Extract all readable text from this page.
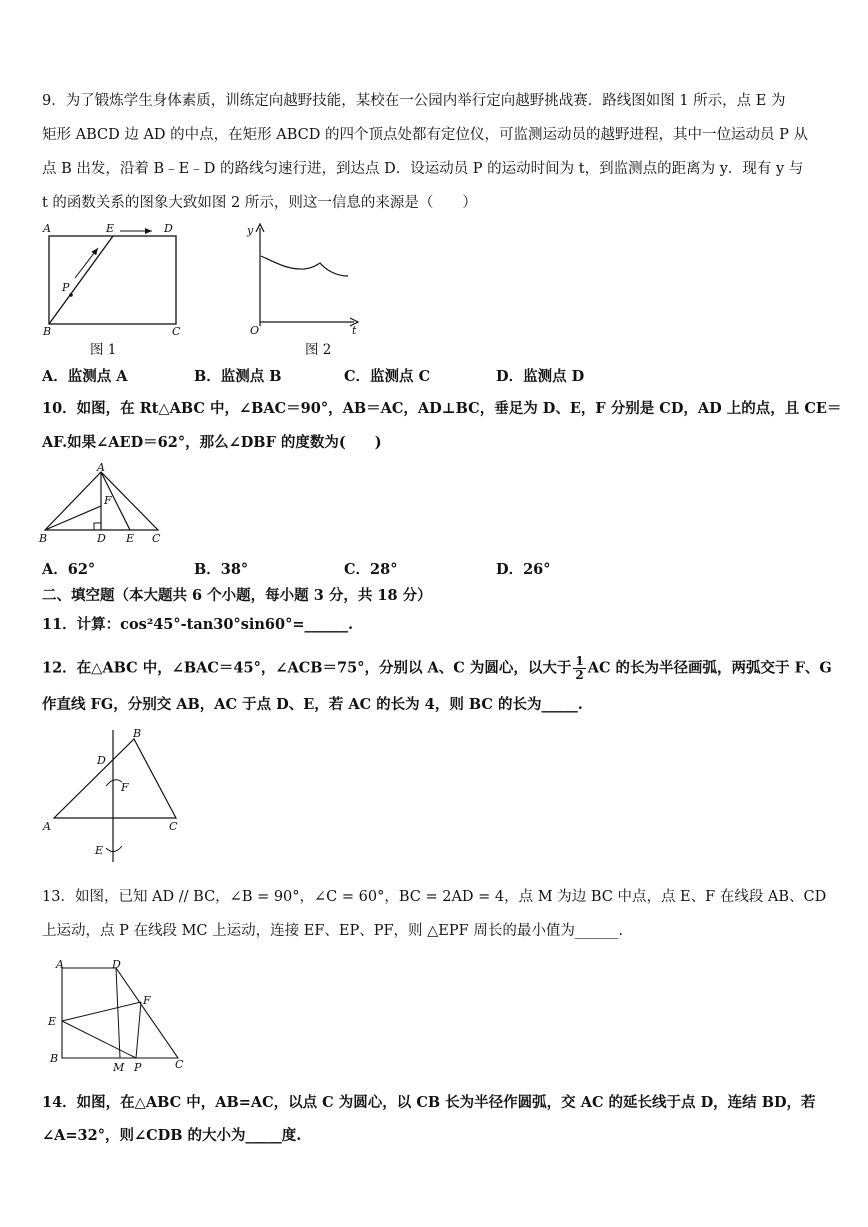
9．为了锻炼学生身体素质，训练定向越野技能，某校在一公园内举行定向越野挑战赛．路线图如图 1 所示，点 E 为
矩形 ABCD 边 AD 的中点，在矩形 ABCD 的四个顶点处都有定位仪，可监测运动员的越野进程，其中一位运动员 P 从
点 B 出发，沿着 B﹣E﹣D 的路线匀速行进，到达点 D．设运动员 P 的运动时间为 t，到监测点的距离为 y．现有 y 与
t 的函数关系的图象大致如图 2 所示，则这一信息的来源是（　　）
A	E	D
P
B	C
图 1
y
O	t
图 2
A．监测点 A	B．监测点 B	C．监测点 C	D．监测点 D
10．如图，在 Rt△ABC 中，∠BAC＝90°，AB＝AC，AD⊥BC，垂足为 D、E，F 分别是 CD，AD 上的点，且 CE＝
AF.如果∠AED＝62°，那么∠DBF 的度数为(　　)
A
F
B	D E C
A．62°	B．38°	C．28°	D．26°
二、填空题（本大题共 6 个小题，每小题 3 分，共 18 分）
11．计算：cos²45°-tan30°sin60°=______.
12．在△ABC 中，∠BAC＝45°，∠ACB＝75°，分别以 A、C 为圆心，以大于 $\frac{1}{2}$ AC 的长为半径画弧，两弧交于 F、G
作直线 FG，分别交 AB，AC 于点 D、E，若 AC 的长为 4，则 BC 的长为_____.
A
B
C
D
F
E
13．如图，已知 AD // BC，∠B = 90°，∠C = 60°，BC = 2AD = 4，点 M 为边 BC 中点，点 E、F 在线段 AB、CD
上运动，点 P 在线段 MC 上运动，连接 EF、EP、PF，则 △EPF 周长的最小值为______.
A	D
F
E
B
M P	C
14．如图，在△ABC 中，AB=AC，以点 C 为圆心，以 CB 长为半径作圆弧，交 AC 的延长线于点 D，连结 BD，若
∠A=32°，则∠CDB 的大小为_____度.
